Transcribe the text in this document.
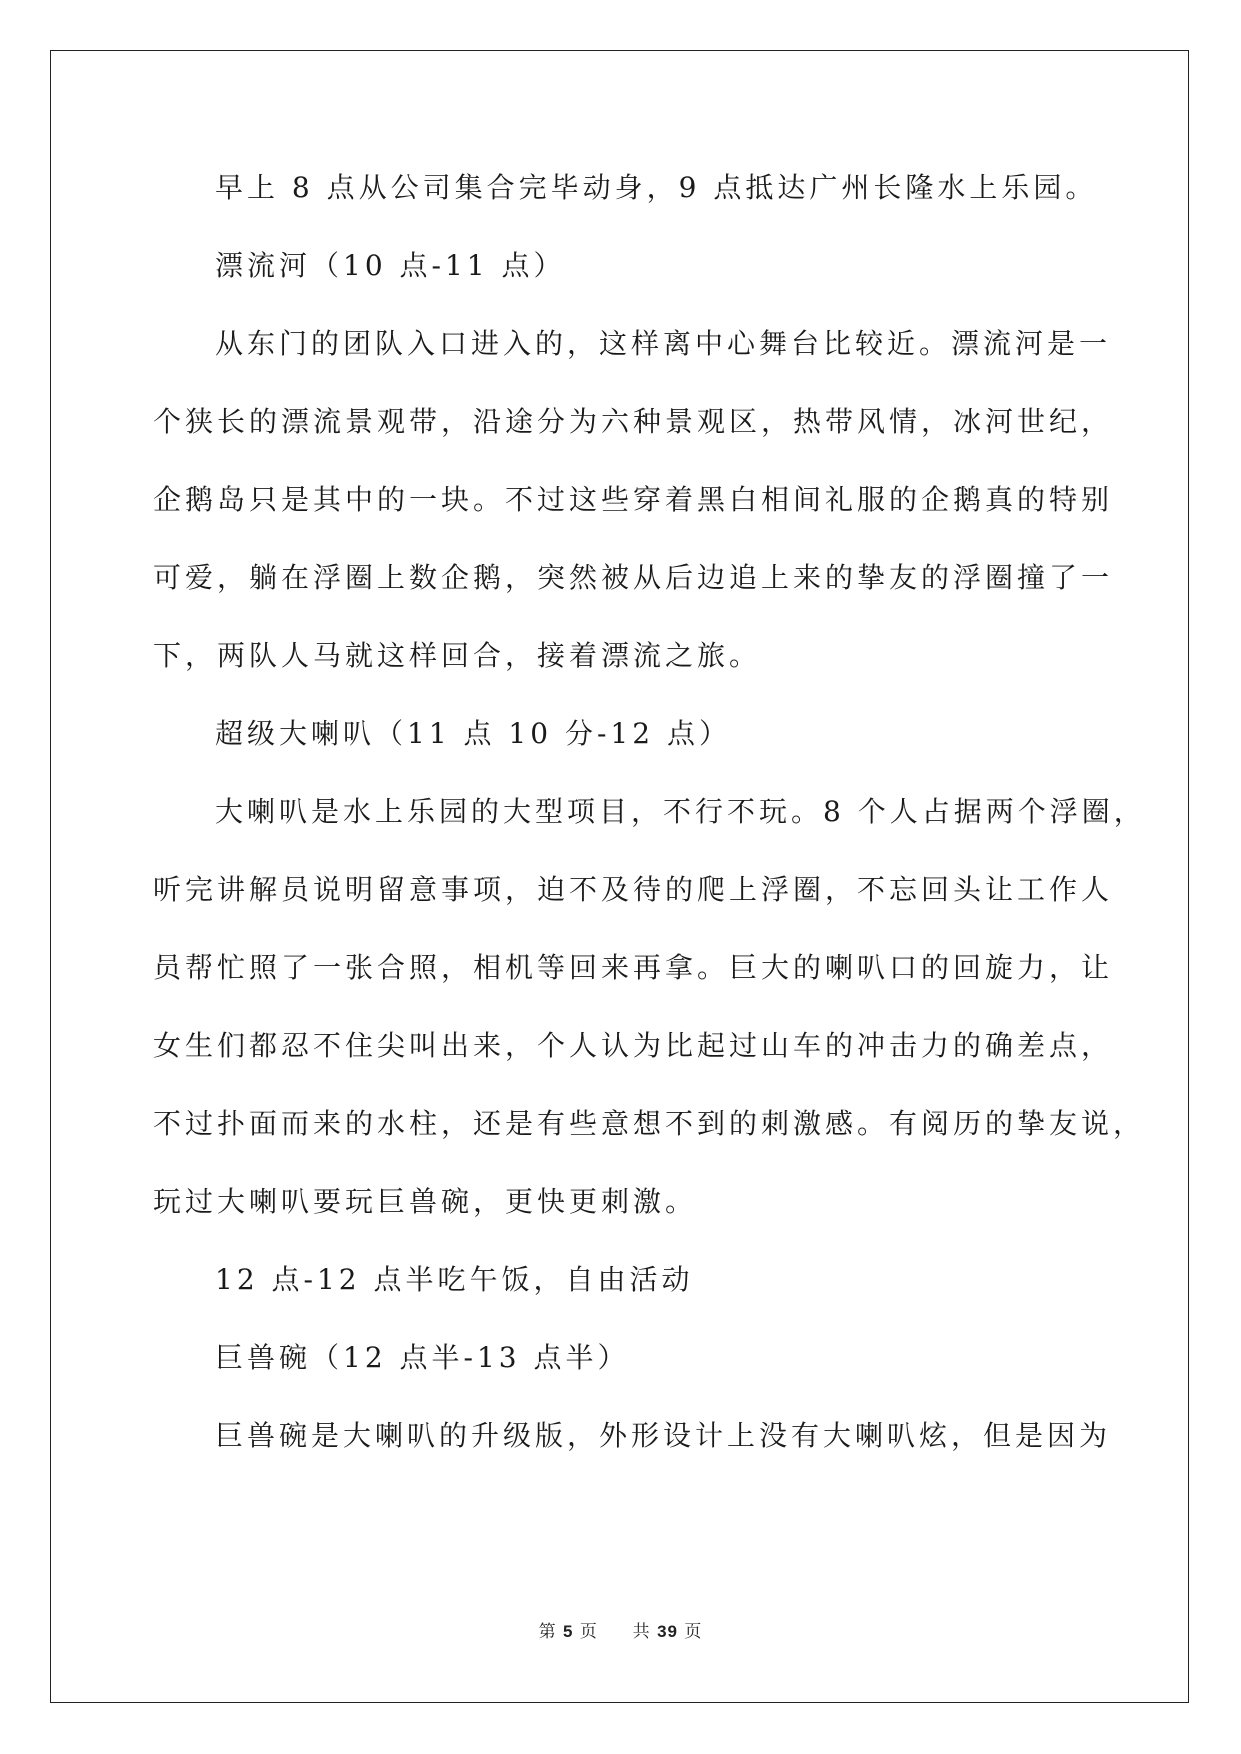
早上 8 点从公司集合完毕动身，9 点抵达广州长隆水上乐园。
漂流河（10 点-11 点）
从东门的团队入口进入的，这样离中心舞台比较近。漂流河是一
个狭长的漂流景观带，沿途分为六种景观区，热带风情，冰河世纪，
企鹅岛只是其中的一块。不过这些穿着黑白相间礼服的企鹅真的特别
可爱，躺在浮圈上数企鹅，突然被从后边追上来的挚友的浮圈撞了一
下，两队人马就这样回合，接着漂流之旅。
超级大喇叭（11 点 10 分-12 点）
大喇叭是水上乐园的大型项目，不行不玩。8 个人占据两个浮圈，
听完讲解员说明留意事项，迫不及待的爬上浮圈，不忘回头让工作人
员帮忙照了一张合照，相机等回来再拿。巨大的喇叭口的回旋力，让
女生们都忍不住尖叫出来，个人认为比起过山车的冲击力的确差点，
不过扑面而来的水柱，还是有些意想不到的刺激感。有阅历的挚友说，
玩过大喇叭要玩巨兽碗，更快更刺激。
12 点-12 点半吃午饭，自由活动
巨兽碗（12 点半-13 点半）
巨兽碗是大喇叭的升级版，外形设计上没有大喇叭炫，但是因为
第 5 页 共 39 页
